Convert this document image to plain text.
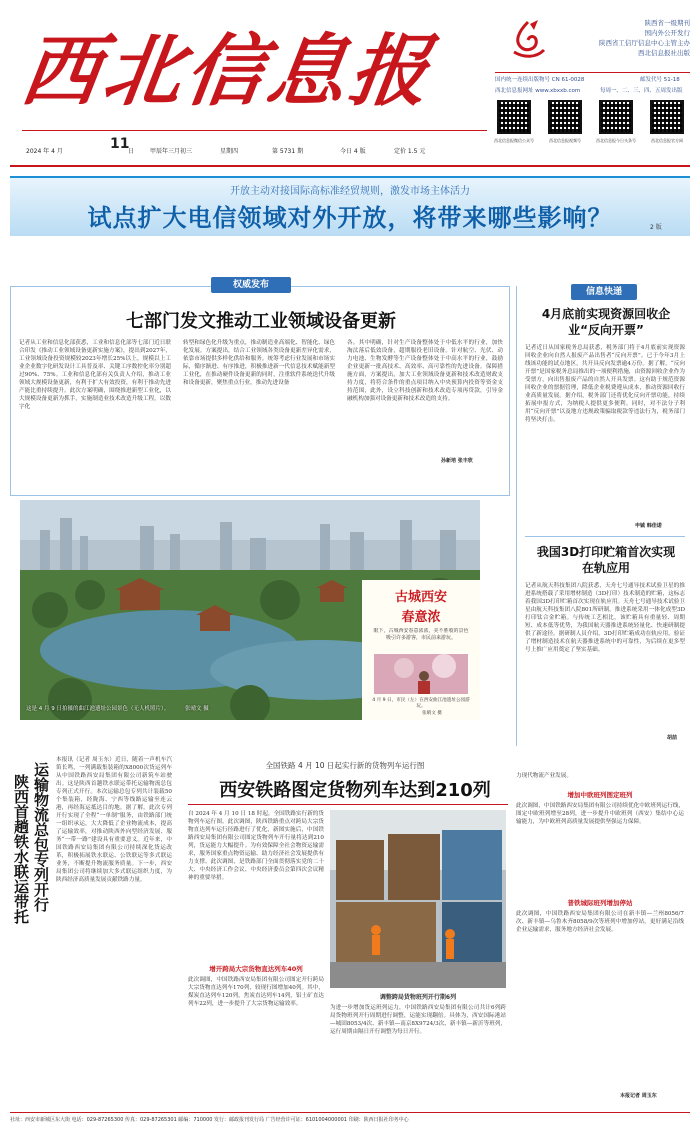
西北信息报
陕西省一级期刊
国内外公开发行
陕西省工信厅信息中心主管主办
西北信息报社出版
国内统一连续出版物号 CN 61-0028	邮发代号 51-18
西北信息报网址 www.xbxxb.com	每周一、二、三、四、五周发出版
西北信息报微信公众号	西北信息报视频号	西北信息报今日头条号	西北信息报官方网
2024 年 4 月	11
日	甲辰年三月初三	星期四	第 5731 期	今日 4 版	定价 1.5 元
开放主动对接国际高标准经贸规则，激发市场主体活力
试点扩大电信领域对外开放，将带来哪些影响？	2 版
权威发布
七部门发文推动工业领域设备更新
记者从工业和信息化部获悉，工业和信息化部等七部门近日联合印发《推动工业领域设备更新实施方案》，提出到2027年，工业领域设备投资规模较2023年增长25%以上，规模以上工业企业数字化研发设计工具普及率、关键工序数控化率分别超过90%、75%。工业和信息化部有关负责人介绍，推动工业领域大规模设备更新，有利于扩大有效投资，有利于推动先进产能比重持续提升。此次方案明确，围绕推进新型工业化，以大规模设备更新为抓手，实施制造业技术改造升级工程，以数字化
转型和绿色化升级为重点，推动制造业高端化、智能化、绿色化发展。方案提出，结合工业领域各类设备更新差异化需求，依靠市场提供多样化供给和服务。统筹考虑行业发展和市场实际，循序渐进、有序推进，积极推进新一代信息技术赋能新型工业化，在推动硬件设备更新的同时，注重软件系统迭代升级和设备更新，聚焦重点行业，推动先进设备
各。其中明确，针对生产设备整体处于中低水平的行业，加快淘汰落后低效设备，超期服役老旧设备。针对航空、光伏、动力电池、生物发酵等生产设备整体处于中高水平的行业，鼓励企业更新一批高技术、高效率、高可靠性的先进设备。保障措施方面，方案提出，加大工业领域设备更新和技术改造财政支持力度，将符合条件的重点项目纳入中央预算内投资等资金支持范围，此外，设立科技创新和技术改造专项再贷款，引导金融机构加强对设备更新和技术改造的支持。
孙新培 张丰欣
这是 4 月 9 日拍摄的曲江池遗址公园景色（无人机照片）。	张晴文 摄
古城西安
春意浓
眼下，古城西安春意浓浓，美不胜收的景色吸引许多游客，市民前来游玩。
4 月 9 日，市民（左）在西安曲江池遗址公园游玩。
张晴文 摄
信息快递
4月底前实现资源回收企业“反向开票”
记者近日从国家税务总局获悉，税务部门将于4月底前实现资源回收企业向自然人报废产品出售者“反向开票”。已于今年3月上线该功能的试点地区，共开具反向发票逾4万份。据了解，“反向开票”是国家税务总局推出的一项便利措施，由资源回收企业作为受票方，向出售报废产品的自然人开具发票。这有助于规范资源回收企业的票据管理，降低企业税费遵从成本，推动资源回收行业高质量发展。据介绍，税务部门还将优化反向开票功能，持续拓展申报方式，为纳税人提供更多便利。同时，对不法分子利用“反向开票”以及地方违规政策骗取税款等违法行为，税务部门将坚决打击。
申铖 韩佳诺
我国3D打印贮箱首次实现在轨应用
记者从航天科技集团八院获悉，天舟七号通导技术试验卫星的推进系统搭载了采用增材制造（3D打印）技术制造的贮箱，这标志着我国3D打印贮箱首次实现在轨应用。天舟七号通导技术试验卫星由航天科技集团八院801所研制，推进系统采用一体化成型3D打印钛合金贮箱。与传统工艺相比，该贮箱具有重量轻、周期短、成本低等优势，为我国航天器推进系统轻量化、快速研制提供了新途径。据研制人员介绍，3D打印贮箱成功在轨应用，验证了增材制造技术在航天器推进系统中的可靠性，为后续在更多型号上推广应用奠定了坚实基础。
胡喆
运输物流总包专列开行
陕西首趟铁水联运带托
本报讯（记者 周玉东）近日，随着一声机车汽笛长鸣，一列满载集装箱的X8000次货运列车从中国铁路西安局集团有限公司新筑车站驶出。这是陕西首趟铁水联运带托运输物流总包专列正式开行。本次运输总包专列共计装载50个集装箱，经陇海、宁西等线路运输至连云港，再经海运抵达目的地。据了解，此次专列开行实现了全程“一单制”服务，由铁路部门统一组织承运，大大降低了企业物流成本，提高了运输效率，对推动陕西外向型经济发展、服务“一带一路”建设具有重要意义。近年来，中国铁路西安局集团有限公司持续深化货运改革，积极拓展铁水联运、公铁联运等多式联运业务，不断提升物流服务质量。下一步，西安局集团公司将继续加大多式联运组织力度，为陕西经济高质量发展贡献铁路力量。
全国铁路 4 月 10 日起实行新的货物列车运行图
西安铁路图定货物列车达到210列
自 2024 年 4 月 10 日 18 时起，全国铁路实行新的货物列车运行图。此次调图，陕西铁路重点对跨局大宗货物直达列车运行径路进行了优化，新图实施后，中国铁路西安局集团有限公司图定货物列车开行量将达到210列，货运能力大幅提升。为有效保障全社会物资运输需求，服务国家重点物资运输、助力经济社会发展提供有力支撑。此次调图，是铁路部门全面贯彻落实党的二十大、中央经济工作会议、中央经济委员会第四次会议精神的重要举措。
增开跨局大宗货物直达列车40列
此次调图，中国铁路西安局集团有限公司图定开行跨局大宗货物直达列车170列，较现行图增加40列。其中，煤炭直达列车120列，焦炭直达列车14列，铝土矿直达列车22列，进一步提升了大宗货物运输效率。
调整跨局货物班列开行期6列
为进一步增加货运班列运力，中国铁路西安局集团有限公司共计6列跨局货物班列开行周期进行调整，运能实现翻倍。具体为，西安国际港站—城固8053/4次、新丰镇—南京8X9724/3次、新丰镇—新沂等班列，运行周期由隔日开行调整为每日开行。
力现代物流产业发展。
增加中欧班列图定班列
此次调图，中国铁路西安局集团有限公司持续优化中欧班列运行线，图定中欧班列增至28列，进一步提升中欧班列（西安）集结中心运输能力，为中欧班列高质量发展提供坚强运力保障。
普铁城际班列增加停站
此次调图，中国铁路西安局集团有限公司在新丰镇—兰州8056/7次、新丰镇—乌鲁木齐8058/9次等班列中增加停站，更好满足沿线企业运输需求，服务地方经济社会发展。
本报记者 周玉东
社址：西安市新城区东大街 电话：029-87265300 传真：029-87265301 邮编：710000 发行：邮政报刊发行局 广告经营许可证：6101004000001 印刷：陕西日报社印务中心
